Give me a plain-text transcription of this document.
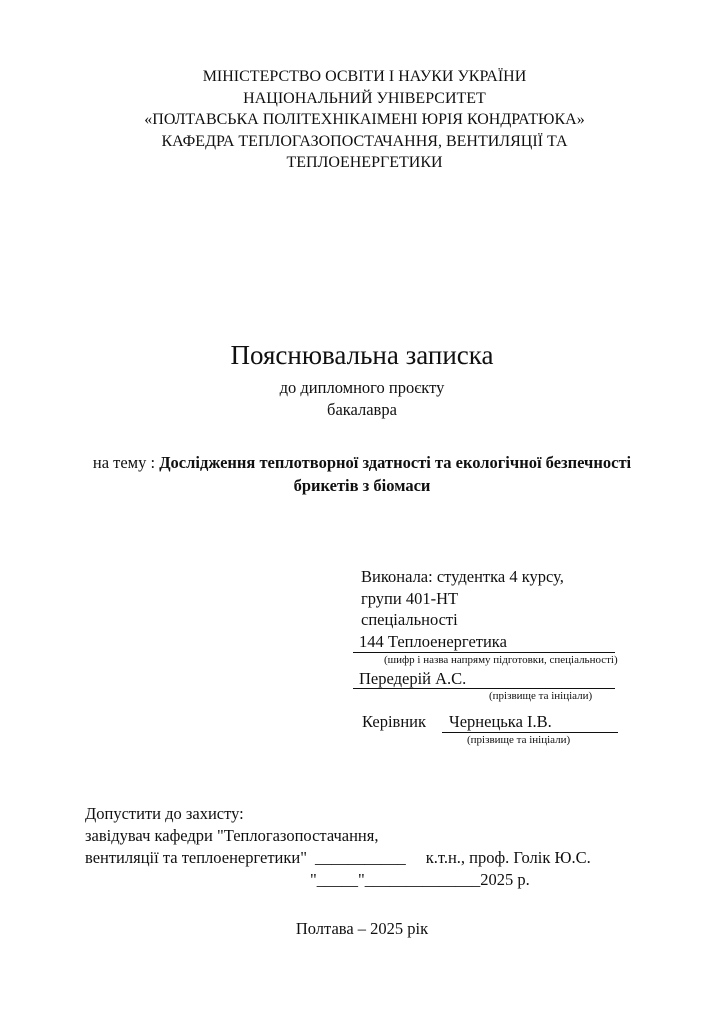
МІНІСТЕРСТВО ОСВІТИ І НАУКИ УКРАЇНИ
НАЦІОНАЛЬНИЙ УНІВЕРСИТЕТ
«ПОЛТАВСЬКА ПОЛІТЕХНІКАІМЕНІ ЮРІЯ КОНДРАТЮКА»
КАФЕДРА ТЕПЛОГАЗОПОСТАЧАННЯ, ВЕНТИЛЯЦІЇ ТА
ТЕПЛОЕНЕРГЕТИКИ
Пояснювальна записка
до дипломного проєкту
бакалавра
на тему : Дослідження теплотворної здатності та екологічної безпечності
брикетів з біомаси
Виконала: студентка 4 курсу,
групи 401-НТ
спеціальності
144 Теплоенергетика
(шифр і назва напряму підготовки, спеціальності)
Передерій А.С.
(прізвище та ініціали)
Керівник	Чернецька І.В.
(прізвище та ініціали)
Допустити до захисту:
завідувач кафедри "Теплогазопостачання,
вентиляції та теплоенергетики" ___________ к.т.н., проф. Голік Ю.С.
"_____"______________2025 р.
Полтава – 2025 рік
